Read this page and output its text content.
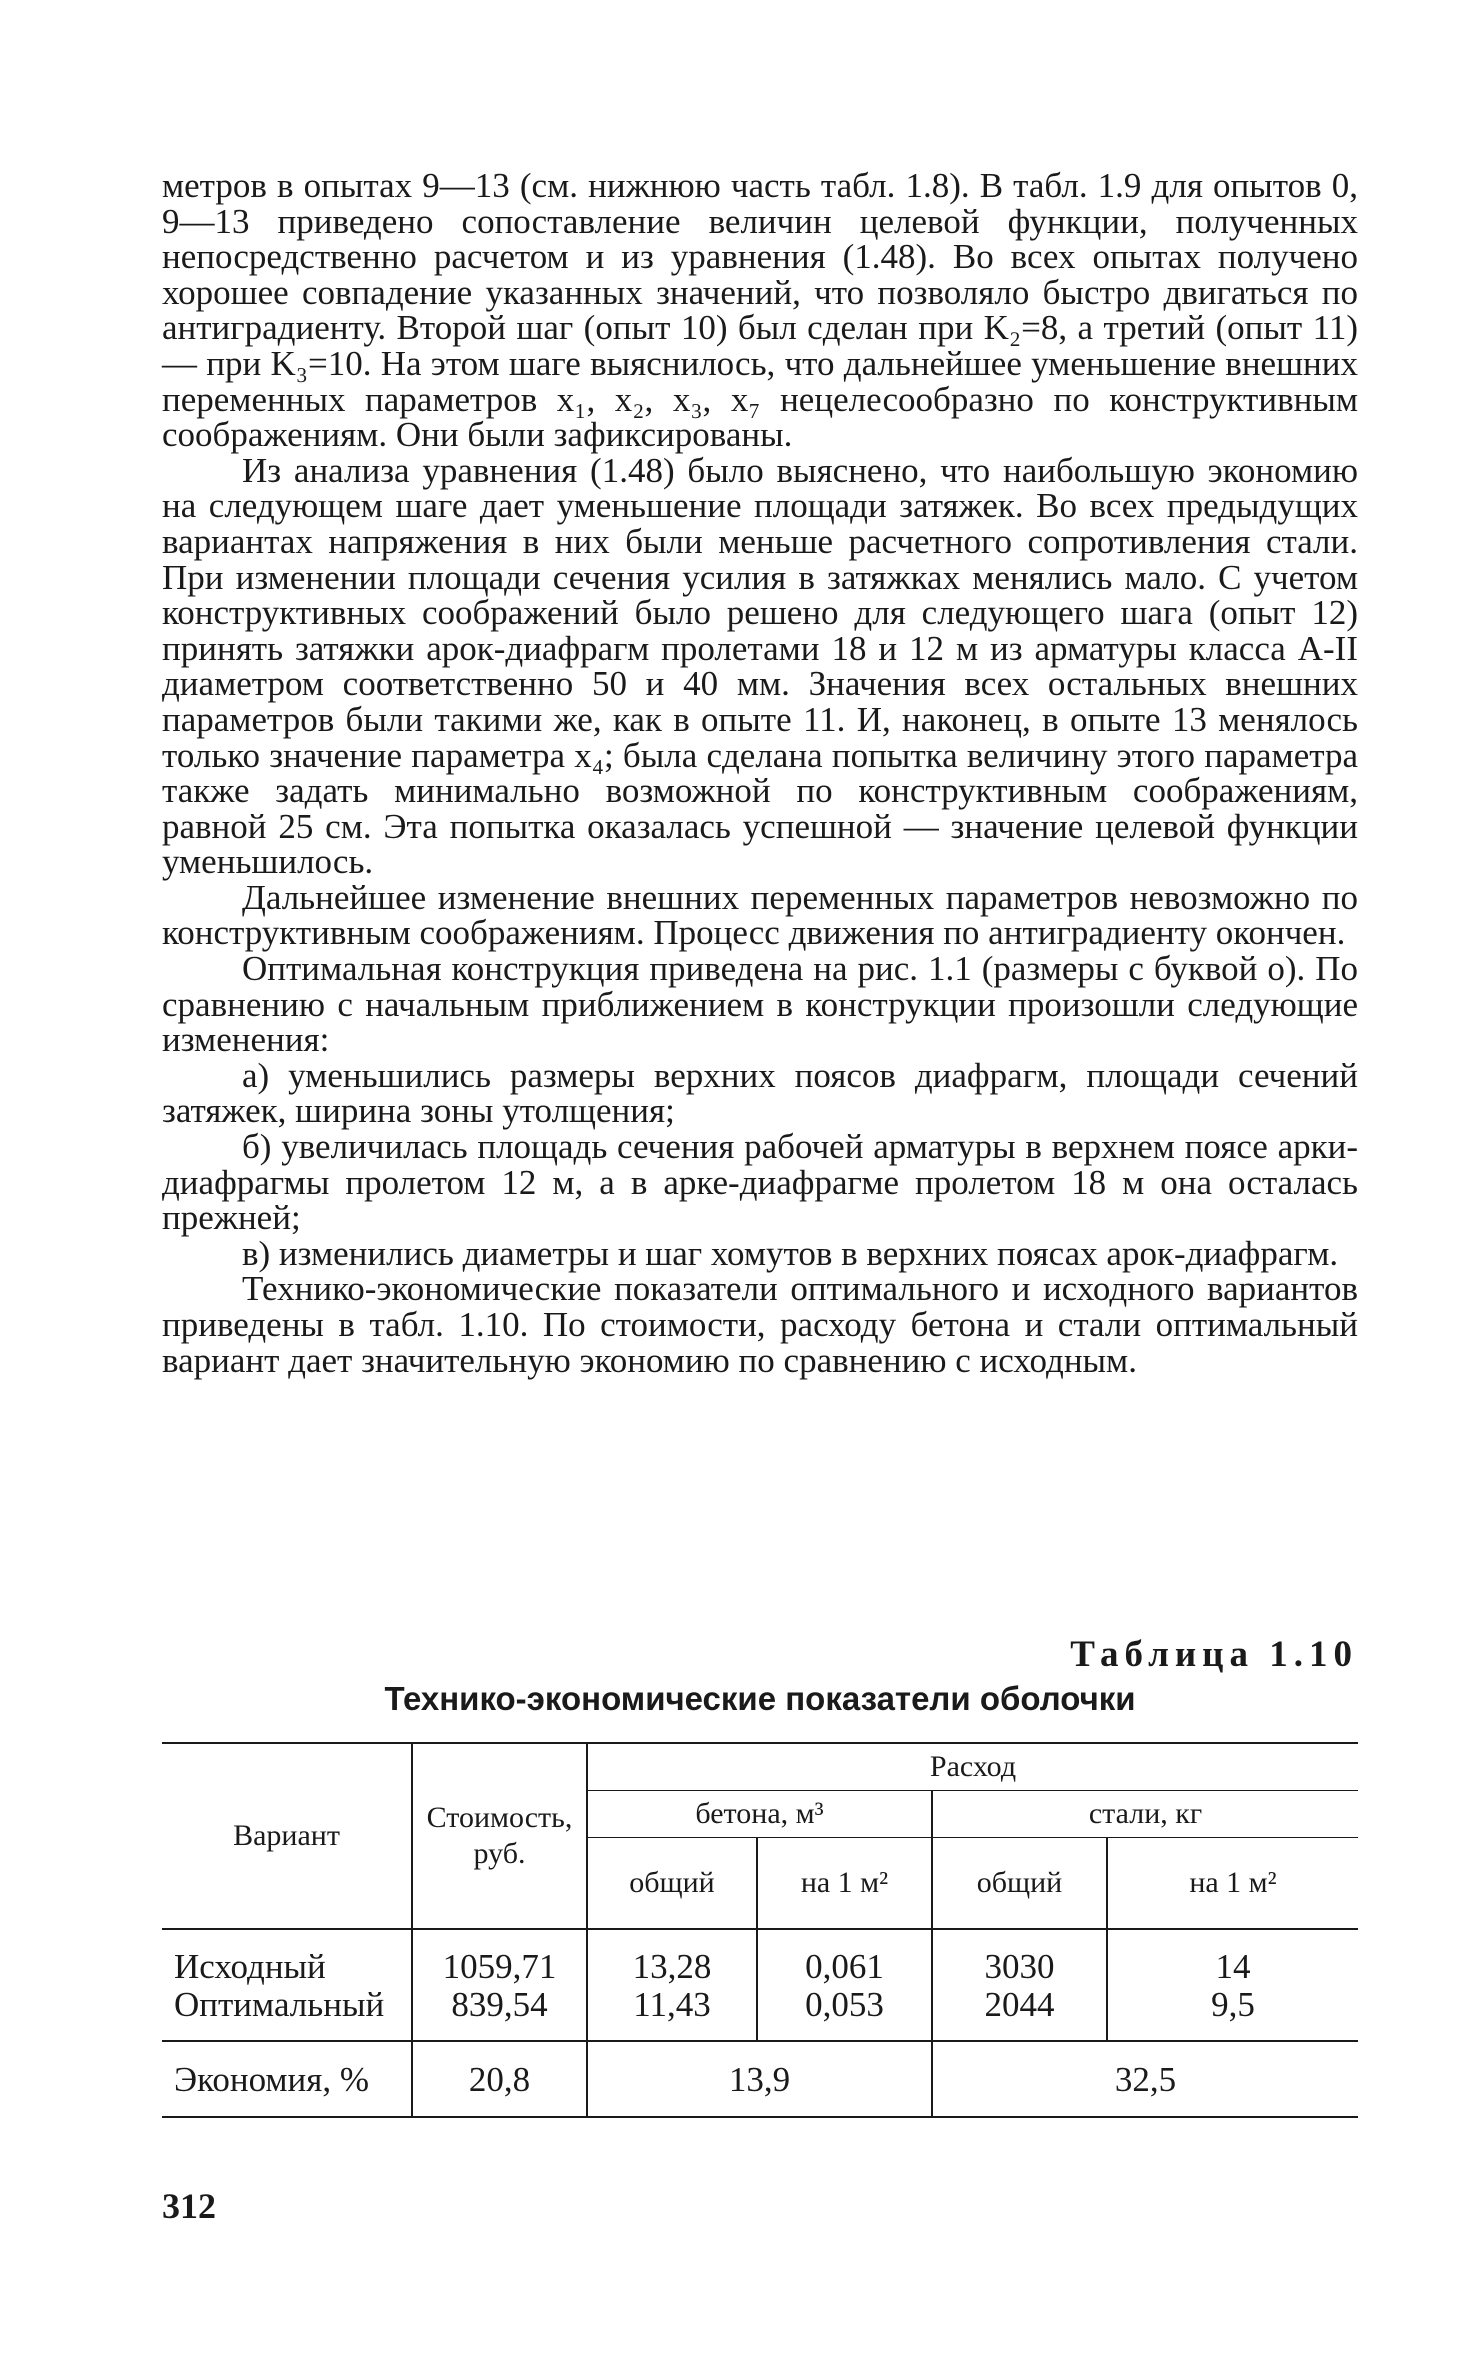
метров в опытах 9—13 (см. нижнюю часть табл. 1.8). В табл. 1.9 для опытов 0, 9—13 приведено сопоставление величин целевой функции, полученных непосредственно расчетом и из уравнения (1.48). Во всех опытах получено хорошее совпадение указанных значений, что позволяло быстро двигаться по антиградиенту. Второй шаг (опыт 10) был сделан при K₂=8, а третий (опыт 11) — при K₃=10. На этом шаге выяснилось, что дальнейшее уменьшение внешних переменных параметров x₁, x₂, x₃, x₇ нецелесообразно по конструктивным соображениям. Они были зафиксированы.

Из анализа уравнения (1.48) было выяснено, что наибольшую экономию на следующем шаге дает уменьшение площади затяжек. Во всех предыдущих вариантах напряжения в них были меньше расчетного сопротивления стали. При изменении площади сечения усилия в затяжках менялись мало. С учетом конструктивных соображений было решено для следующего шага (опыт 12) принять затяжки арок-диафрагм пролетами 18 и 12 м из арматуры класса A-II диаметром соответственно 50 и 40 мм. Значения всех остальных внешних параметров были такими же, как в опыте 11. И, наконец, в опыте 13 менялось только значение параметра x₄; была сделана попытка величину этого параметра также задать минимально возможной по конструктивным соображениям, равной 25 см. Эта попытка оказалась успешной — значение целевой функции уменьшилось.

Дальнейшее изменение внешних переменных параметров невозможно по конструктивным соображениям. Процесс движения по антиградиенту окончен.

Оптимальная конструкция приведена на рис. 1.1 (размеры с буквой о). По сравнению с начальным приближением в конструкции произошли следующие изменения:

а) уменьшились размеры верхних поясов диафрагм, площади сечений затяжек, ширина зоны утолщения;

б) увеличилась площадь сечения рабочей арматуры в верхнем поясе арки-диафрагмы пролетом 12 м, а в арке-диафрагме пролетом 18 м она осталась прежней;

в) изменились диаметры и шаг хомутов в верхних поясах арок-диафрагм.

Технико-экономические показатели оптимального и исходного вариантов приведены в табл. 1.10. По стоимости, расходу бетона и стали оптимальный вариант дает значительную экономию по сравнению с исходным.

Таблица 1.10
Технико-экономические показатели оболочки
Вариант	Стоимость, руб.	Расход			
		бетона, м³		стали, кг	
		общий	на 1 м²	общий	на 1 м²
Исходный	1059,71	13,28	0,061	3030	14
Оптимальный	839,54	11,43	0,053	2044	9,5
Экономия, %	20,8	13,9		32,5	
312
